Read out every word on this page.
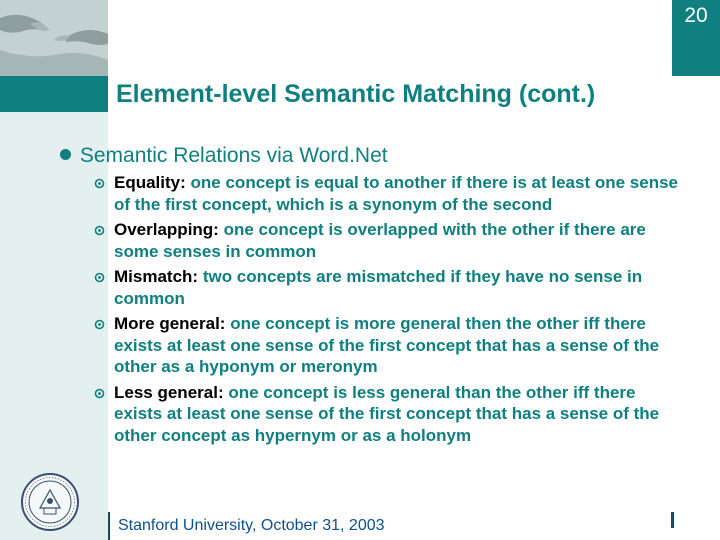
20
Element-level Semantic Matching (cont.)
Semantic Relations via Word.Net
Equality: one concept is equal to another if there is at least one sense of the first concept, which is a synonym of the second
Overlapping: one concept is overlapped with the other if there are some senses in common
Mismatch: two concepts are mismatched if they have no sense in common
More general: one concept is more general then the other iff there exists at least one sense of the first concept that has a sense of the other as a hyponym or meronym
Less general: one concept is less general than the other iff there exists at least one sense of the first concept that has a sense of the other concept as hypernym or as a holonym
Stanford University, October 31, 2003
